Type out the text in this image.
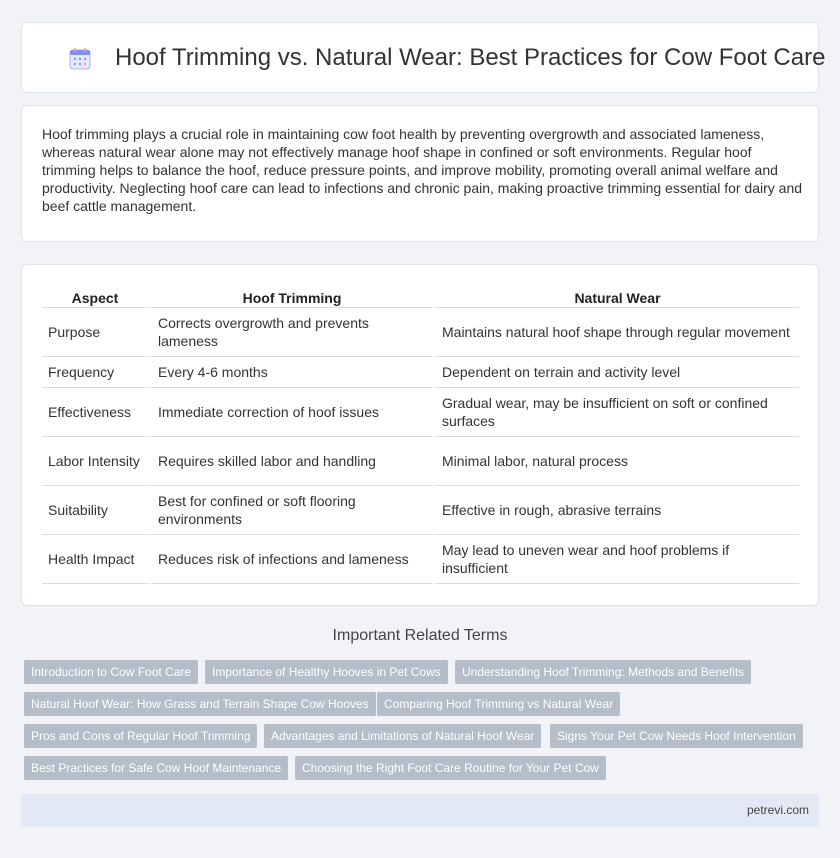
Hoof Trimming vs. Natural Wear: Best Practices for Cow Foot Care

Hoof trimming plays a crucial role in maintaining cow foot health by preventing overgrowth and associated lameness, whereas natural wear alone may not effectively manage hoof shape in confined or soft environments. Regular hoof trimming helps to balance the hoof, reduce pressure points, and improve mobility, promoting overall animal welfare and productivity. Neglecting hoof care can lead to infections and chronic pain, making proactive trimming essential for dairy and beef cattle management.

Aspect	Hoof Trimming	Natural Wear
Purpose	Corrects overgrowth and prevents lameness	Maintains natural hoof shape through regular movement
Frequency	Every 4-6 months	Dependent on terrain and activity level
Effectiveness	Immediate correction of hoof issues	Gradual wear, may be insufficient on soft or confined surfaces
Labor Intensity	Requires skilled labor and handling	Minimal labor, natural process
Suitability	Best for confined or soft flooring environments	Effective in rough, abrasive terrains
Health Impact	Reduces risk of infections and lameness	May lead to uneven wear and hoof problems if insufficient
Important Related Terms
Introduction to Cow Foot Care	Importance of Healthy Hooves in Pet Cows	Understanding Hoof Trimming: Methods and Benefits
Natural Hoof Wear: How Grass and Terrain Shape Cow Hooves	Comparing Hoof Trimming vs Natural Wear
Pros and Cons of Regular Hoof Trimming	Advantages and Limitations of Natural Hoof Wear	Signs Your Pet Cow Needs Hoof Intervention
Best Practices for Safe Cow Hoof Maintenance	Choosing the Right Foot Care Routine for Your Pet Cow
petrevi.com
